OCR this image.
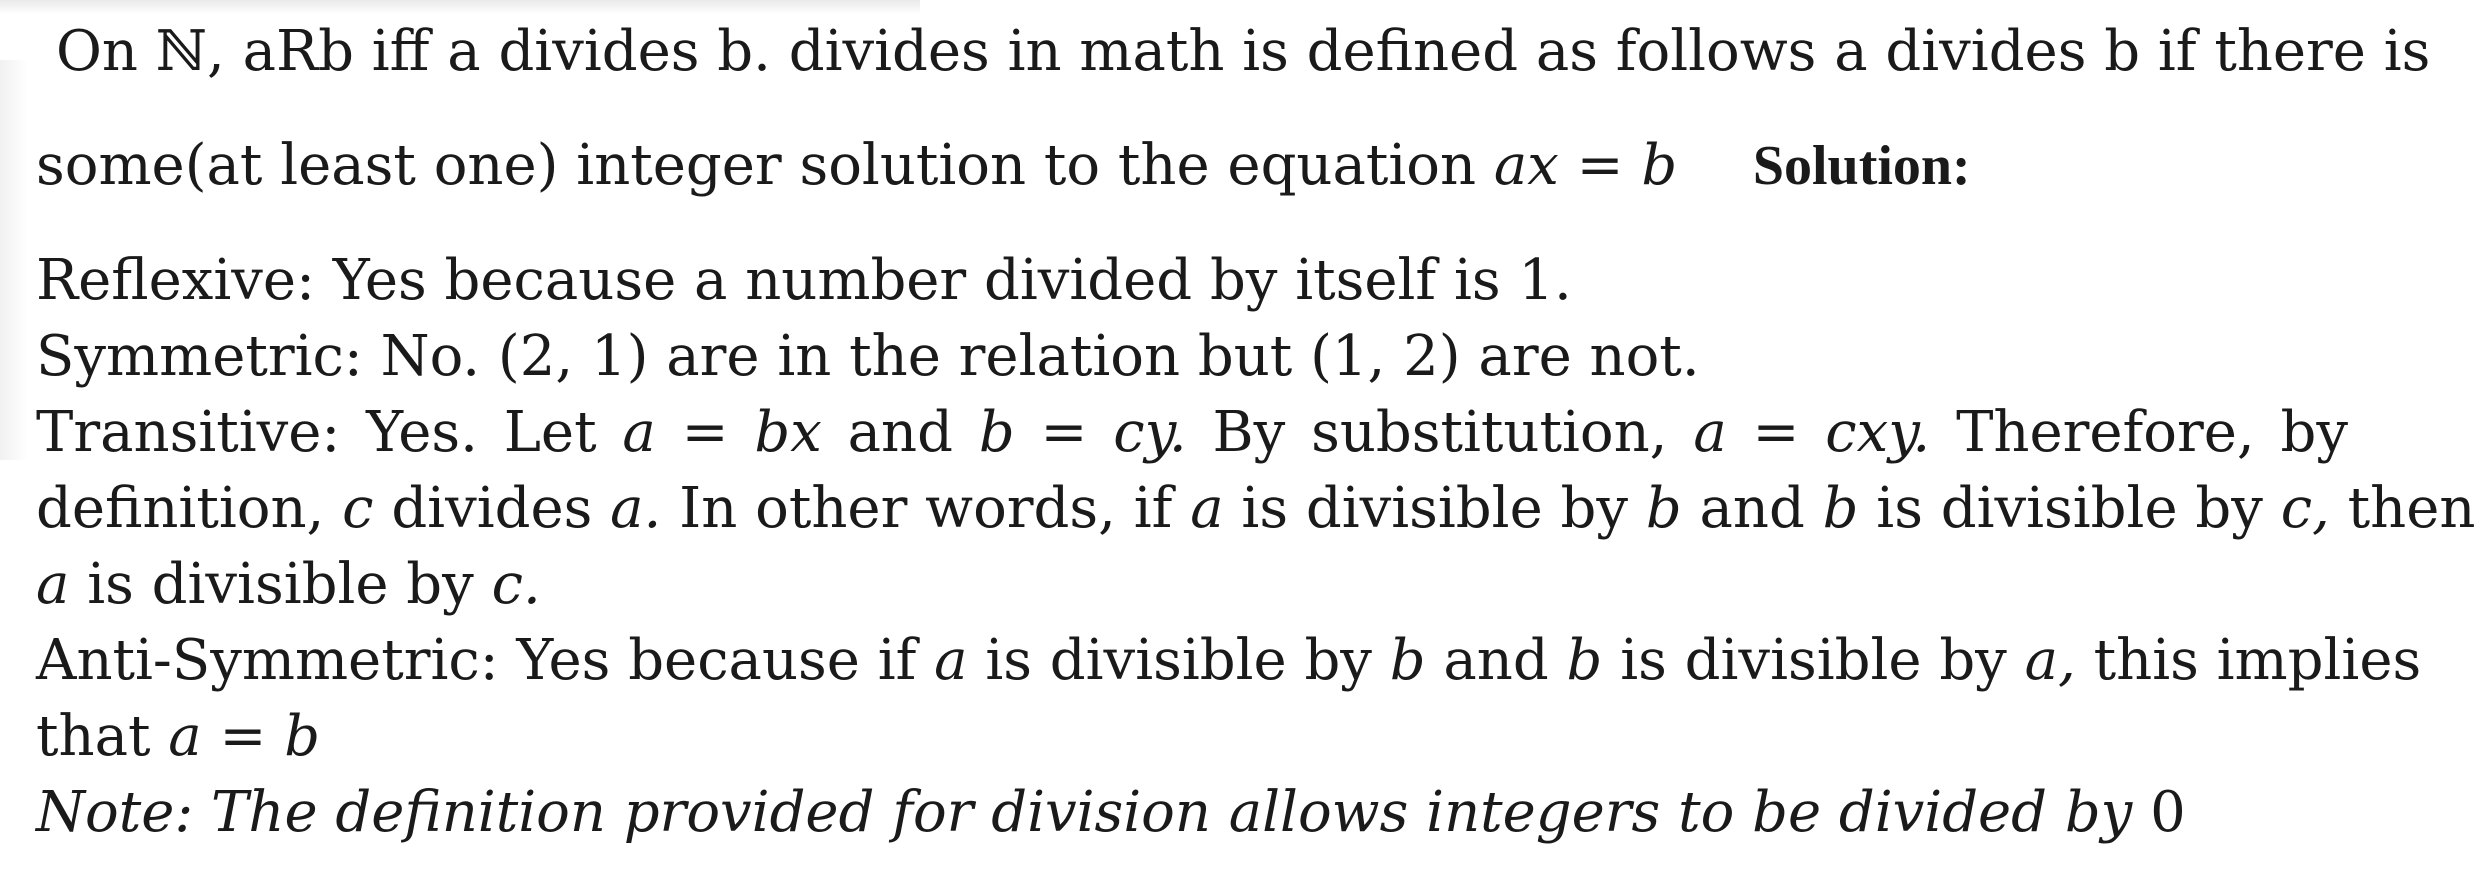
On ℕ, aRb iff a divides b. divides in math is defined as follows a divides b if there is
some(at least one) integer solution to the equation ax = b Solution:
Reflexive: Yes because a number divided by itself is 1.
Symmetric: No. (2, 1) are in the relation but (1, 2) are not.
Transitive: Yes. Let a = bx and b = cy. By substitution, a = cxy. Therefore, by
definition, c divides a. In other words, if a is divisible by b and b is divisible by c, then
a is divisible by c.
Anti-Symmetric: Yes because if a is divisible by b and b is divisible by a, this implies
that a = b
Note: The definition provided for division allows integers to be divided by 0
